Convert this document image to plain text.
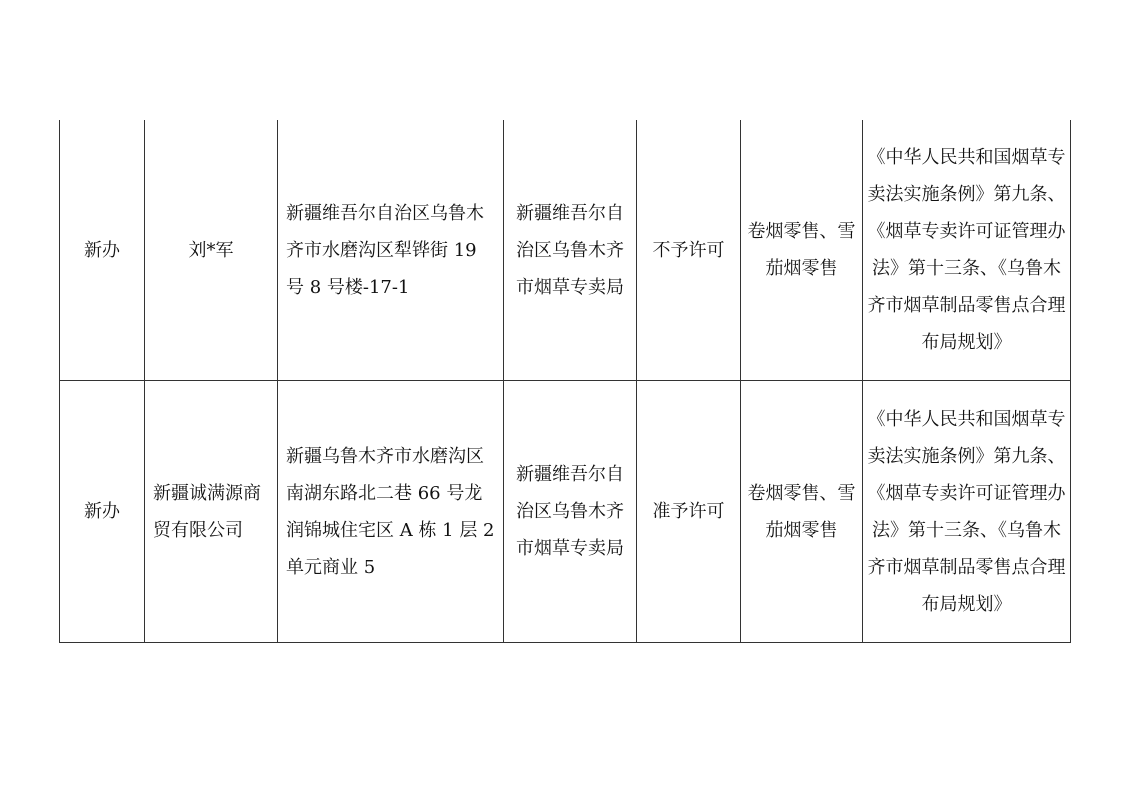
新办	刘*军	新疆维吾尔自治区乌鲁木齐市水磨沟区犁铧街 19 号 8 号楼-17-1	新疆维吾尔自治区乌鲁木齐市烟草专卖局	不予许可	卷烟零售、雪茄烟零售	《中华人民共和国烟草专卖法实施条例》第九条、《烟草专卖许可证管理办法》第十三条、《乌鲁木齐市烟草制品零售点合理布局规划》
新办	新疆诚满源商贸有限公司	新疆乌鲁木齐市水磨沟区南湖东路北二巷 66 号龙润锦城住宅区 A 栋 1 层 2 单元商业 5	新疆维吾尔自治区乌鲁木齐市烟草专卖局	准予许可	卷烟零售、雪茄烟零售	《中华人民共和国烟草专卖法实施条例》第九条、《烟草专卖许可证管理办法》第十三条、《乌鲁木齐市烟草制品零售点合理布局规划》
